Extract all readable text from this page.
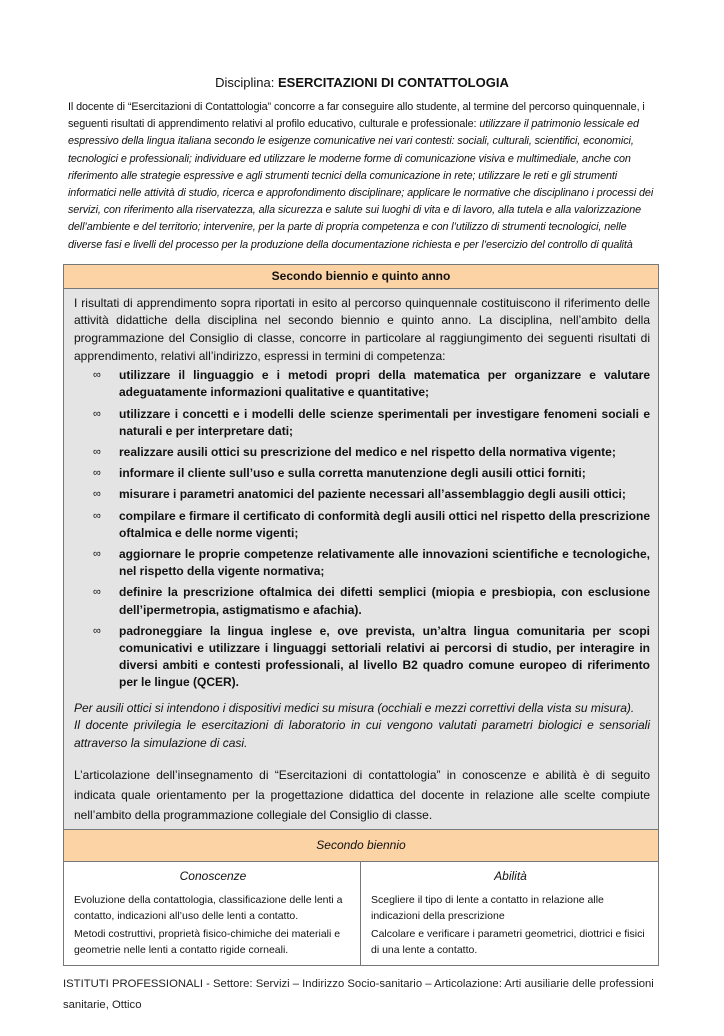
Disciplina: ESERCITAZIONI DI CONTATTOLOGIA
Il docente di “Esercitazioni di Contattologia” concorre a far conseguire allo studente, al termine del percorso quinquennale, i seguenti risultati di apprendimento relativi al profilo educativo, culturale e professionale: utilizzare il patrimonio lessicale ed espressivo della lingua italiana secondo le esigenze comunicative nei vari contesti: sociali, culturali, scientifici, economici, tecnologici e professionali; individuare ed utilizzare le moderne forme di comunicazione visiva e multimediale, anche con riferimento alle strategie espressive e agli strumenti tecnici della comunicazione in rete; utilizzare le reti e gli strumenti informatici nelle attività di studio, ricerca e approfondimento disciplinare; applicare le normative che disciplinano i processi dei servizi, con riferimento alla riservatezza, alla sicurezza e salute sui luoghi di vita e di lavoro, alla tutela e alla valorizzazione dell’ambiente e del territorio; intervenire, per la parte di propria competenza e con l’utilizzo di strumenti tecnologici, nelle diverse fasi e livelli del processo per la produzione della documentazione richiesta e per l’esercizio del controllo di qualità
Secondo biennio e quinto anno

I risultati di apprendimento sopra riportati in esito al percorso quinquennale costituiscono il riferimento delle attività didattiche della disciplina nel secondo biennio e quinto anno. La disciplina, nell’ambito della programmazione del Consiglio di classe, concorre in particolare al raggiungimento dei seguenti risultati di apprendimento, relativi all’indirizzo, espressi in termini di competenza:

∞ utilizzare il linguaggio e i metodi propri della matematica per organizzare e valutare adeguatamente informazioni qualitative e quantitative;
∞ utilizzare i concetti e i modelli delle scienze sperimentali per investigare fenomeni sociali e naturali e per interpretare dati;
∞ realizzare ausili ottici su prescrizione del medico e nel rispetto della normativa vigente;
∞ informare il cliente sull’uso e sulla corretta manutenzione degli ausili ottici forniti;
∞ misurare i parametri anatomici del paziente necessari all’assemblaggio degli ausili ottici;
∞ compilare e firmare il certificato di conformità degli ausili ottici nel rispetto della prescrizione oftalmica e delle norme vigenti;
∞ aggiornare le proprie competenze relativamente alle innovazioni scientifiche e tecnologiche, nel rispetto della vigente normativa;
∞ definire la prescrizione oftalmica dei difetti semplici (miopia e presbiopia, con esclusione dell’ipermetropia, astigmatismo e afachia).
∞ padroneggiare la lingua inglese e, ove prevista, un’altra lingua comunitaria per scopi comunicativi e utilizzare i linguaggi settoriali relativi ai percorsi di studio, per interagire in diversi ambiti e contesti professionali, al livello B2 quadro comune europeo di riferimento per le lingue (QCER).

Per ausili ottici si intendono i dispositivi medici su misura (occhiali e mezzi correttivi della vista su misura).

Il docente privilegia le esercitazioni di laboratorio in cui vengono valutati parametri biologici e sensoriali attraverso la simulazione di casi.

L’articolazione dell’insegnamento di “Esercitazioni di contattologia” in conoscenze e abilità è di seguito indicata quale orientamento per la progettazione didattica del docente in relazione alle scelte compiute nell’ambito della programmazione collegiale del Consiglio di classe.

Secondo biennio
Conoscenze

Evoluzione della contattologia, classificazione delle lenti a contatto, indicazioni all’uso delle lenti a contatto.

Metodi costruttivi, proprietà fisico-chimiche dei materiali e geometrie nelle lenti a contatto rigide corneali.

Abilità

Scegliere il tipo di lente a contatto in relazione alle indicazioni della prescrizione

Calcolare e verificare i parametri geometrici, diottrici e fisici di una lente a contatto.

ISTITUTI PROFESSIONALI - Settore: Servizi – Indirizzo Socio-sanitario – Articolazione: Arti ausiliarie delle professioni sanitarie, Ottico
